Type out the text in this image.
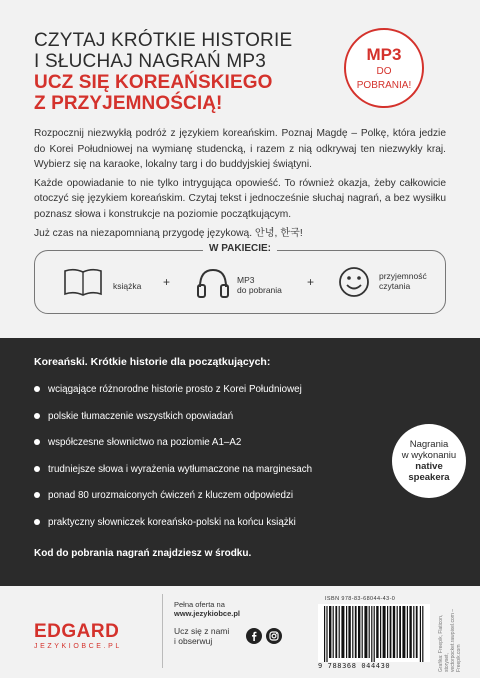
CZYTAJ KRÓTKIE HISTORIE
I SŁUCHAJ NAGRAŃ MP3
UCZ SIĘ KOREAŃSKIEGO
Z PRZYJEMNOŚCIĄ!
MP3
DO
POBRANIA!

Rozpocznij niezwykłą podróż z językiem koreańskim. Poznaj Magdę – Polkę, która jedzie do Korei Południowej na wymianę studencką, i razem z nią odkrywaj ten niezwykły kraj. Wybierz się na karaoke, lokalny targ i do buddyjskiej świątyni.

Każde opowiadanie to nie tylko intrygująca opowieść. To również okazja, żeby całkowicie otoczyć się językiem koreańskim. Czytaj tekst i jednocześnie słuchaj nagrań, a bez wysiłku poznasz słowa i konstrukcje na poziomie początkującym.

Już czas na niezapomnianą przygodę językową. 안녕, 한국!

W PAKIECIE:
książka +	MP3
do pobrania
+	przyjemność
czytania
Koreański. Krótkie historie dla początkujących:
wciągające różnorodne historie prosto z Korei Południowej
polskie tłumaczenie wszystkich opowiadań
współczesne słownictwo na poziomie A1–A2
trudniejsze słowa i wyrażenia wytłumaczone na marginesach
ponad 80 urozmaiconych ćwiczeń z kluczem odpowiedzi
praktyczny słowniczek koreańsko-polski na końcu książki
Nagrania
w wykonaniu
native
speakera
Kod do pobrania nagrań znajdziesz w środku.
EDGARD
JEZYKIOBCE.PL
Pełna oferta na
www.jezykiobce.pl
Ucz się z nami
i obserwuj
ISBN 978-83-68044-43-0
9 788368 044430	Grafika: Freepik, Flaticon, storyset, vectorpocket.rawpixel.com – Freepik.com
